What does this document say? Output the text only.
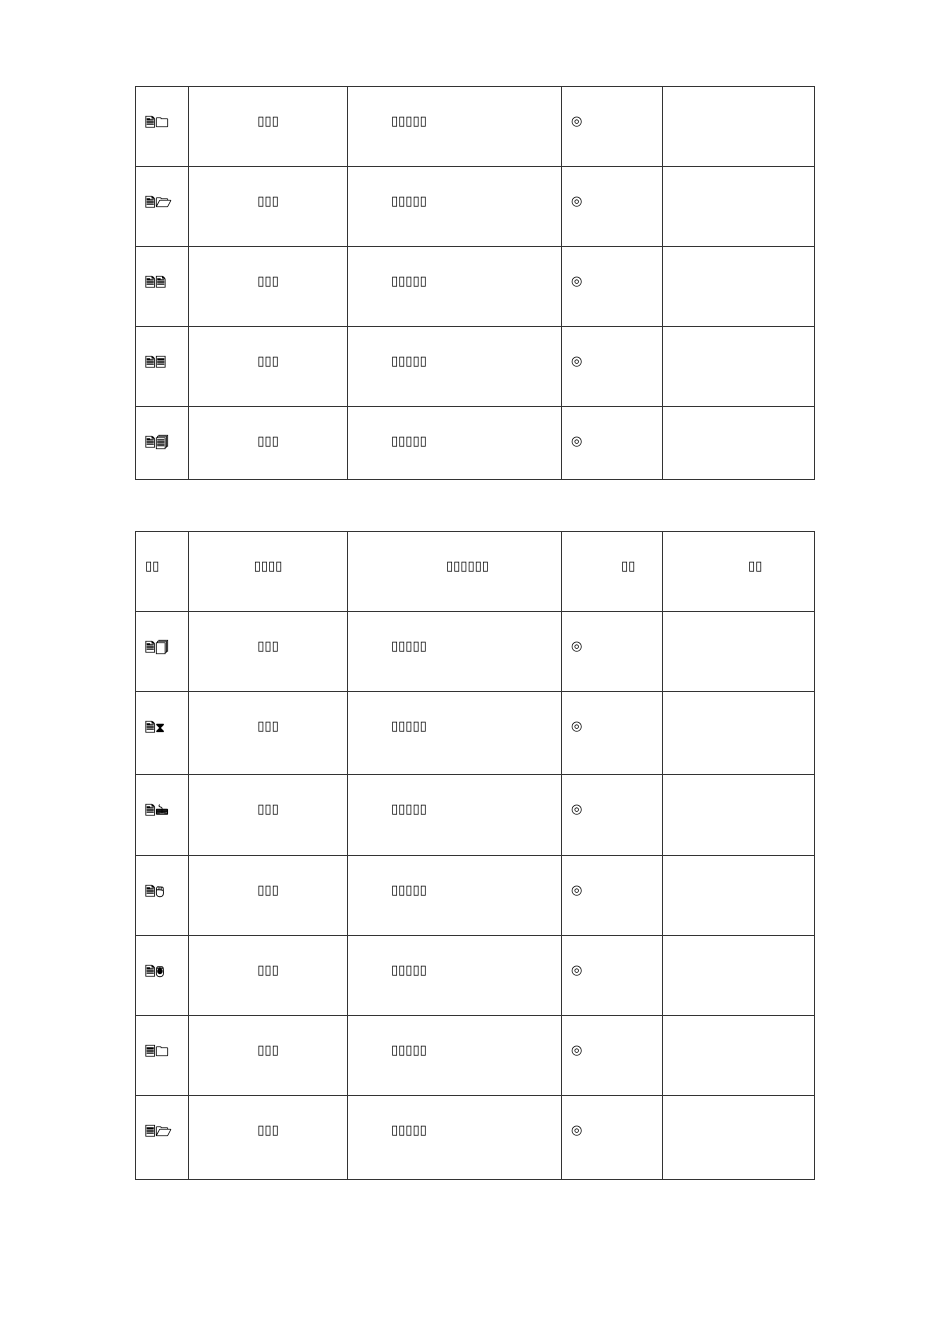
🗎🗀	▯▯▯	▯▯▯▯▯	◎	
🗎🗁	▯▯▯	▯▯▯▯▯	◎	
🗎🗎	▯▯▯	▯▯▯▯▯	◎	
🗎🗏	▯▯▯	▯▯▯▯▯	◎	
🗎🗐	▯▯▯	▯▯▯▯▯	◎	
▯▯	▯▯▯▯	▯▯▯▯▯▯	▯▯	▯▯
🗎🗍	▯▯▯	▯▯▯▯▯	◎	
🗎⧗	▯▯▯	▯▯▯▯▯	◎	
🗎🖮	▯▯▯	▯▯▯▯▯	◎	
🗎🖱	▯▯▯	▯▯▯▯▯	◎	
🗎🖲	▯▯▯	▯▯▯▯▯	◎	
🗏🗀	▯▯▯	▯▯▯▯▯	◎	
🗏🗁	▯▯▯	▯▯▯▯▯	◎	
